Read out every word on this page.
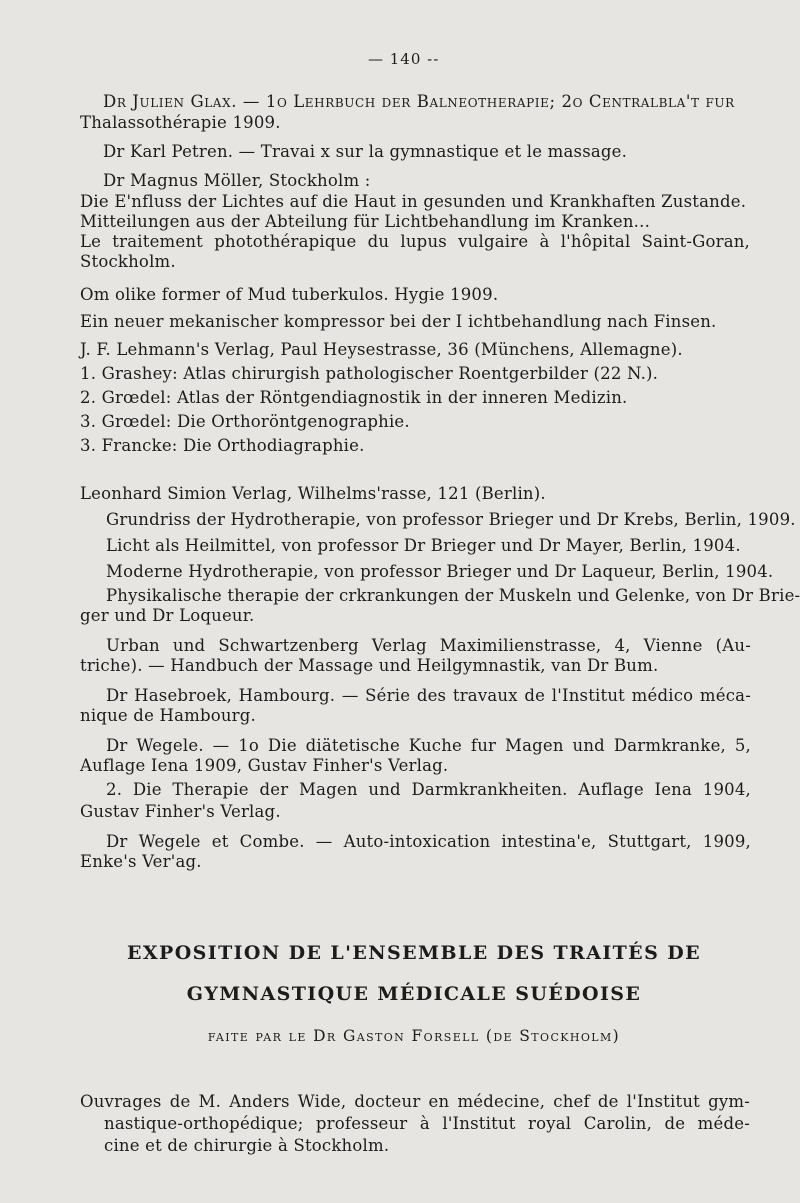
— 140 --

Dr Julien Glax. — 1o Lehrbuch der Balneotherapie; 2o Centralbla't fur

Thalassothérapie 1909.

Dr Karl Petren. — Travai x sur la gymnastique et le massage.

Dr Magnus Möller, Stockholm :

Die E'nfluss der Lichtes auf die Haut in gesunden und Krankhaften Zustande.

Mitteilungen aus der Abteilung für Lichtbehandlung im Kranken...

Le traitement photothérapique du lupus vulgaire à l'hôpital Saint-Goran,

Stockholm.

Om olike former of Mud tuberkulos. Hygie 1909.

Ein neuer mekanischer kompressor bei der I ichtbehandlung nach Finsen.

J. F. Lehmann's Verlag, Paul Heysestrasse, 36 (Münchens, Allemagne).

1. Grashey: Atlas chirurgish pathologischer Roentgerbilder (22 N.).

2. Grœdel: Atlas der Röntgendiagnostik in der inneren Medizin.

3. Grœdel: Die Orthoröntgenographie.

3. Francke: Die Orthodiagraphie.

Leonhard Simion Verlag, Wilhelms'rasse, 121 (Berlin).

Grundriss der Hydrotherapie, von professor Brieger und Dr Krebs, Berlin, 1909.

Licht als Heilmittel, von professor Dr Brieger und Dr Mayer, Berlin, 1904.

Moderne Hydrotherapie, von professor Brieger und Dr Laqueur, Berlin, 1904.

Physikalische therapie der crkrankungen der Muskeln und Gelenke, von Dr Brie-

ger und Dr Loqueur.

Urban und Schwartzenberg Verlag Maximilienstrasse, 4, Vienne (Au-

triche). — Handbuch der Massage und Heilgymnastik, van Dr Bum.

Dr Hasebroek, Hambourg. — Série des travaux de l'Institut médico méca-

nique de Hambourg.

Dr Wegele. — 1o Die diätetische Kuche fur Magen und Darmkranke, 5,

Auflage Iena 1909, Gustav Finher's Verlag.

2. Die Therapie der Magen und Darmkrankheiten. Auflage Iena 1904,

Gustav Finher's Verlag.

Dr Wegele et Combe. — Auto-intoxication intestina'e, Stuttgart, 1909,

Enke's Ver'ag.

EXPOSITION DE L'ENSEMBLE DES TRAITÉS DE
GYMNASTIQUE MÉDICALE SUÉDOISE
faite par le Dr Gaston Forsell (de Stockholm)

Ouvrages de M. Anders Wide, docteur en médecine, chef de l'Institut gym-

nastique-orthopédique; professeur à l'Institut royal Carolin, de méde-

cine et de chirurgie à Stockholm.
